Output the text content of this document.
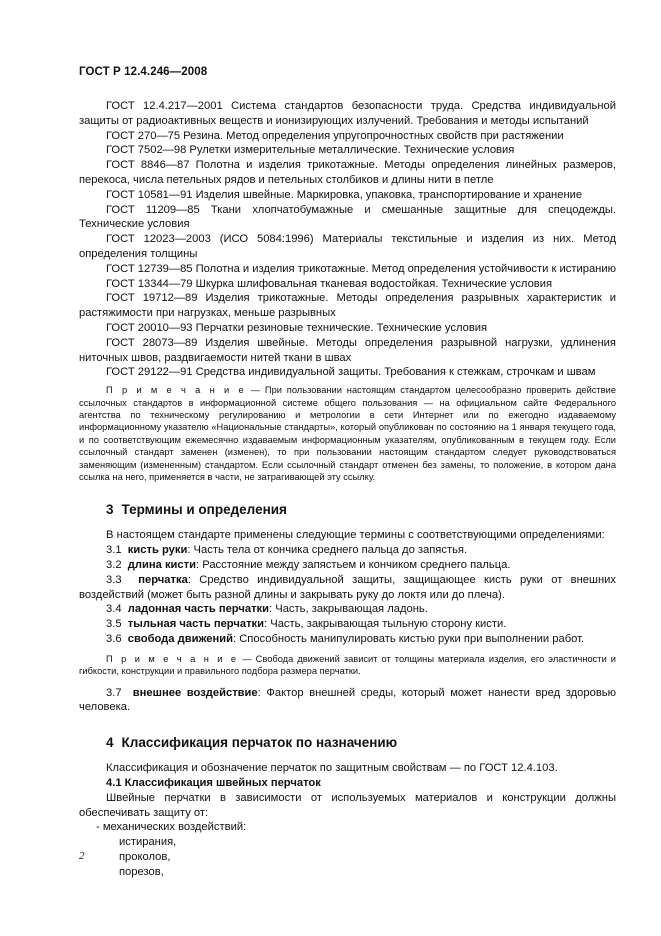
ГОСТ Р 12.4.246—2008

ГОСТ 12.4.217—2001 Система стандартов безопасности труда. Средства индивидуальной защиты от радиоактивных веществ и ионизирующих излучений. Требования и методы испытаний

ГОСТ 270—75 Резина. Метод определения упругопрочностных свойств при растяжении

ГОСТ 7502—98 Рулетки измерительные металлические. Технические условия

ГОСТ 8846—87 Полотна и изделия трикотажные. Методы определения линейных размеров, перекоса, числа петельных рядов и петельных столбиков и длины нити в петле

ГОСТ 10581—91 Изделия швейные. Маркировка, упаковка, транспортирование и хранение

ГОСТ 11209—85 Ткани хлопчатобумажные и смешанные защитные для спецодежды. Технические условия

ГОСТ 12023—2003 (ИСО 5084:1996) Материалы текстильные и изделия из них. Метод определения толщины

ГОСТ 12739—85 Полотна и изделия трикотажные. Метод определения устойчивости к истиранию

ГОСТ 13344—79 Шкурка шлифовальная тканевая водостойкая. Технические условия

ГОСТ 19712—89 Изделия трикотажные. Методы определения разрывных характеристик и растяжимости при нагрузках, меньше разрывных

ГОСТ 20010—93 Перчатки резиновые технические. Технические условия

ГОСТ 28073—89 Изделия швейные. Методы определения разрывной нагрузки, удлинения ниточных швов, раздвигаемости нитей ткани в швах

ГОСТ 29122—91 Средства индивидуальной защиты. Требования к стежкам, строчкам и швам

П р и м е ч а н и е — При пользовании настоящим стандартом целесообразно проверить действие ссылочных стандартов в информационной системе общего пользования — на официальном сайте Федерального агентства по техническому регулированию и метрологии в сети Интернет или по ежегодно издаваемому информационному указателю «Национальные стандарты», который опубликован по состоянию на 1 января текущего года, и по соответствующим ежемесячно издаваемым информационным указателям, опубликованным в текущем году. Если ссылочный стандарт заменен (изменен), то при пользовании настоящим стандартом следует руководствоваться заменяющим (измененным) стандартом. Если ссылочный стандарт отменен без замены, то положение, в котором дана ссылка на него, применяется в части, не затрагивающей эту ссылку.

3 Термины и определения

В настоящем стандарте применены следующие термины с соответствующими определениями:

3.1 кисть руки: Часть тела от кончика среднего пальца до запястья.

3.2 длина кисти: Расстояние между запястьем и кончиком среднего пальца.

3.3 перчатка: Средство индивидуальной защиты, защищающее кисть руки от внешних воздействий (может быть разной длины и закрывать руку до локтя или до плеча).

3.4 ладонная часть перчатки: Часть, закрывающая ладонь.

3.5 тыльная часть перчатки: Часть, закрывающая тыльную сторону кисти.

3.6 свобода движений: Способность манипулировать кистью руки при выполнении работ.

П р и м е ч а н и е — Свобода движений зависит от толщины материала изделия, его эластичности и гибкости, конструкции и правильного подбора размера перчатки.

3.7 внешнее воздействие: Фактор внешней среды, который может нанести вред здоровью человека.

4 Классификация перчаток по назначению

Классификация и обозначение перчаток по защитным свойствам — по ГОСТ 12.4.103.

4.1 Классификация швейных перчаток

Швейные перчатки в зависимости от используемых материалов и конструкции должны обеспечивать защиту от:

- механических воздействий:

истирания,

проколов,

порезов,

2
